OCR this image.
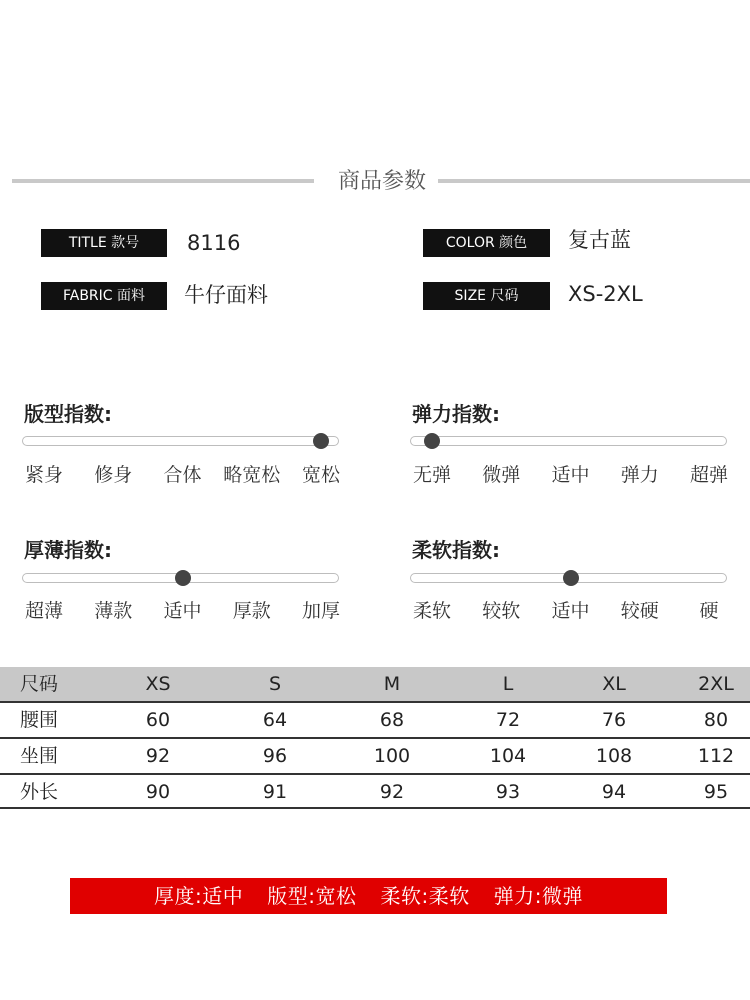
商品参数
TITLE 款号	8116
FABRIC 面料	牛仔面料
COLOR 颜色	复古蓝
SIZE 尺码	XS-2XL
版型指数:
紧身	修身	合体	略宽松	宽松
弹力指数:
无弹	微弹	适中	弹力	超弹
厚薄指数:
超薄	薄款	适中	厚款	加厚
柔软指数:
柔软	较软	适中	较硬	硬
尺码	XS	S	M	L	XL	2XL
腰围	60	64	68	72	76	80
坐围	92	96	100	104	108	112
外长	90	91	92	93	94	95
厚度:适中 版型:宽松 柔软:柔软 弹力:微弹
